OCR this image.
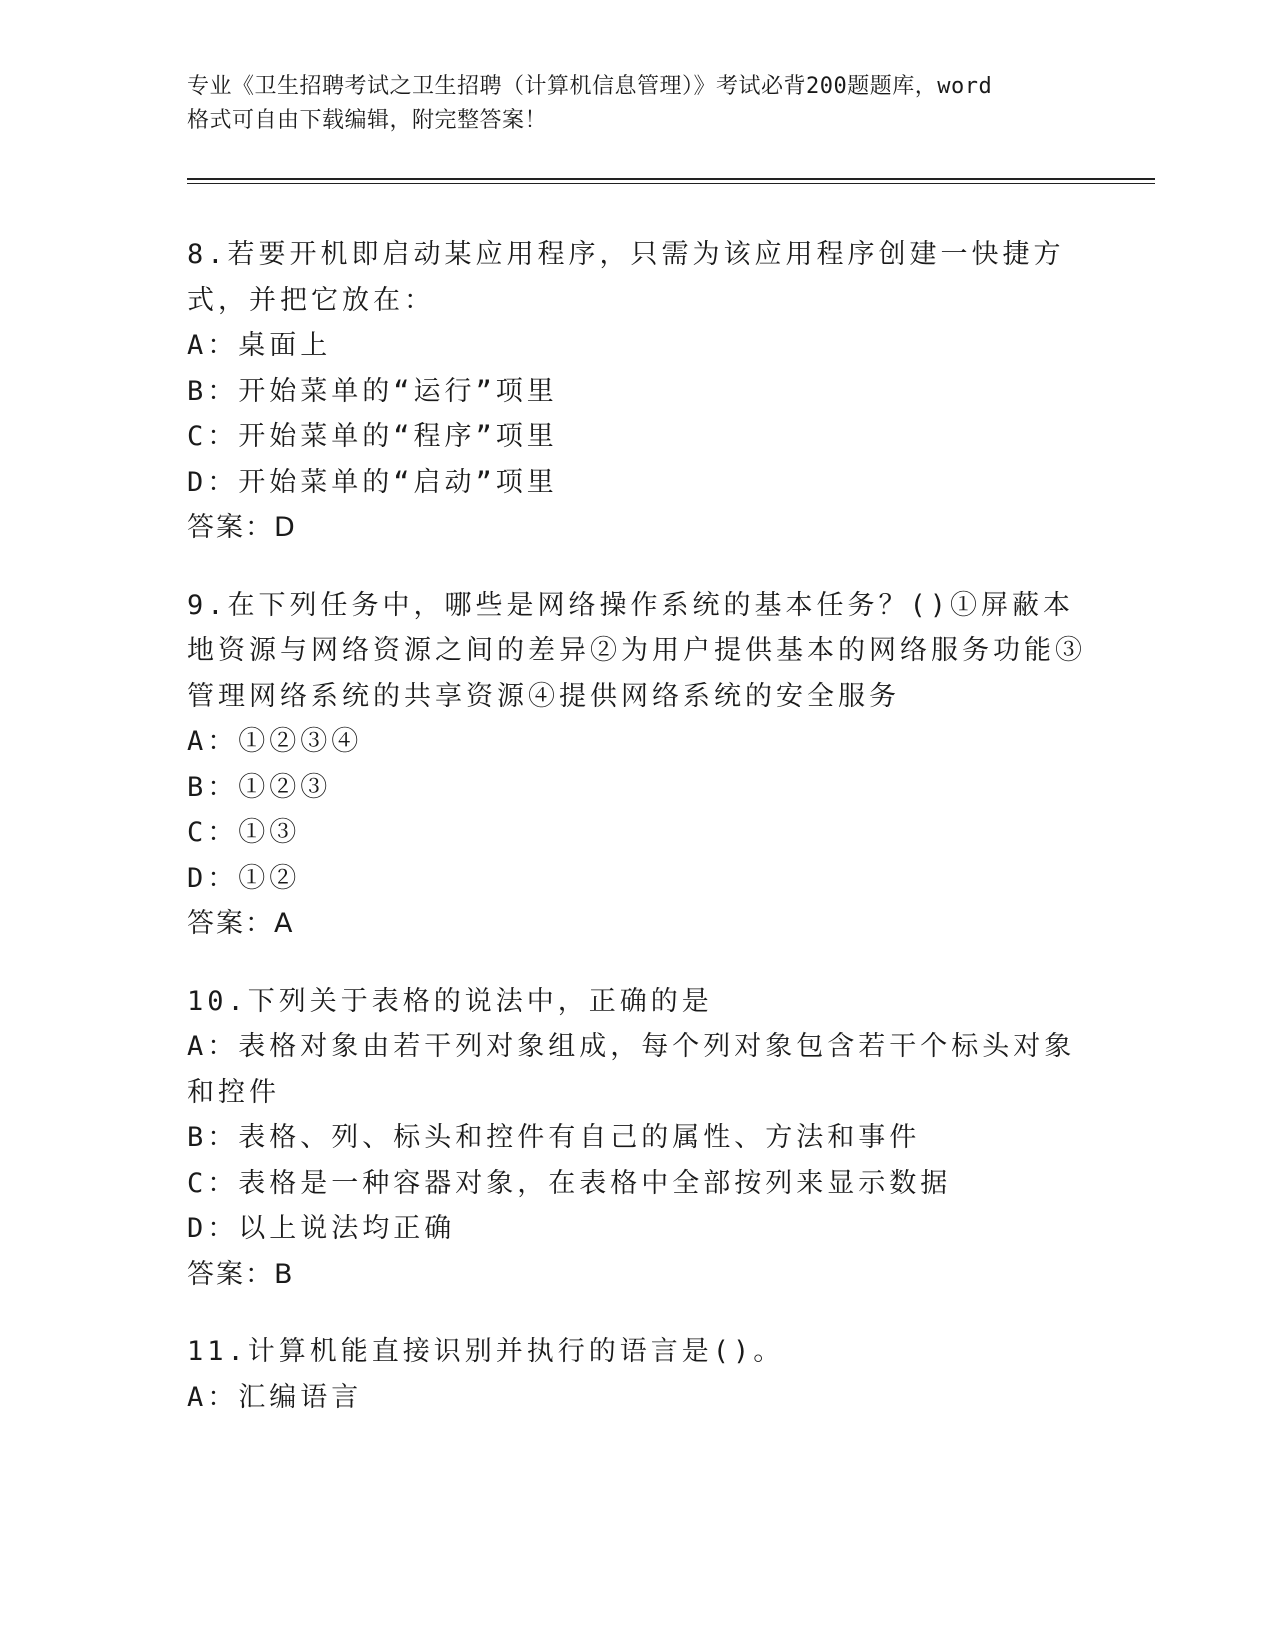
专业《卫生招聘考试之卫生招聘（计算机信息管理）》考试必背200题题库，word
格式可自由下载编辑，附完整答案！
8.若要开机即启动某应用程序，只需为该应用程序创建一快捷方式，并把它放在：
A：桌面上
B：开始菜单的“运行”项里
C：开始菜单的“程序”项里
D：开始菜单的“启动”项里
答案：D
9.在下列任务中，哪些是网络操作系统的基本任务？()①屏蔽本地资源与网络资源之间的差异②为用户提供基本的网络服务功能③管理网络系统的共享资源④提供网络系统的安全服务
A：①②③④
B：①②③
C：①③
D：①②
答案：A
10.下列关于表格的说法中，正确的是
A：表格对象由若干列对象组成，每个列对象包含若干个标头对象和控件
B：表格、列、标头和控件有自己的属性、方法和事件
C：表格是一种容器对象，在表格中全部按列来显示数据
D：以上说法均正确
答案：B
11.计算机能直接识别并执行的语言是()。
A：汇编语言
